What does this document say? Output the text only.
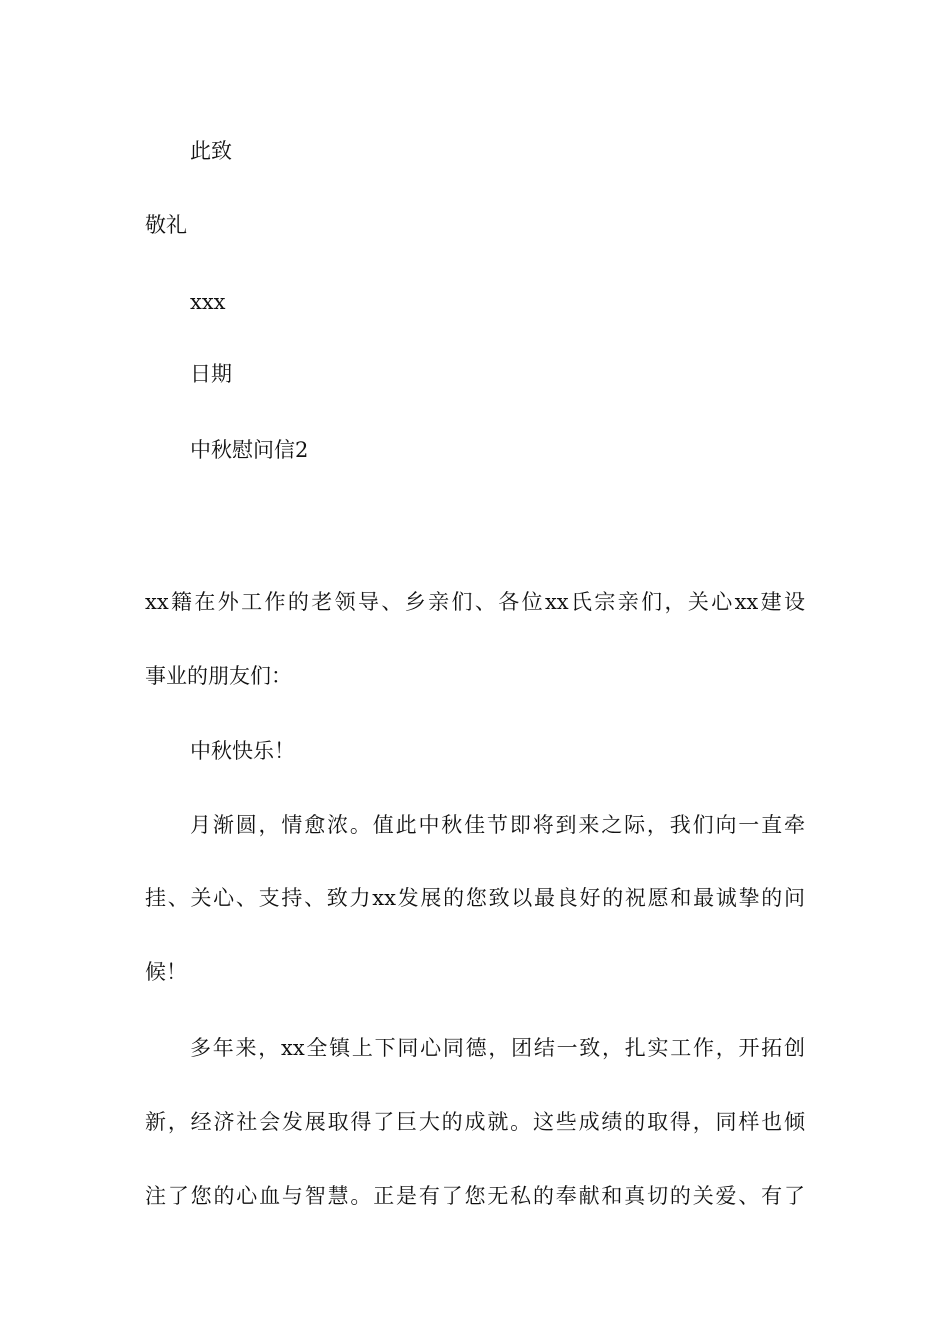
此致
敬礼
xxx
日期
中秋慰问信2
xx籍在外工作的老领导、乡亲们、各位xx氏宗亲们，关心xx建设
事业的朋友们：
中秋快乐！
月渐圆，情愈浓。值此中秋佳节即将到来之际，我们向一直牵
挂、关心、支持、致力xx发展的您致以最良好的祝愿和最诚挚的问
候！
多年来，xx全镇上下同心同德，团结一致，扎实工作，开拓创
新，经济社会发展取得了巨大的成就。这些成绩的取得，同样也倾
注了您的心血与智慧。正是有了您无私的奉献和真切的关爱、有了
